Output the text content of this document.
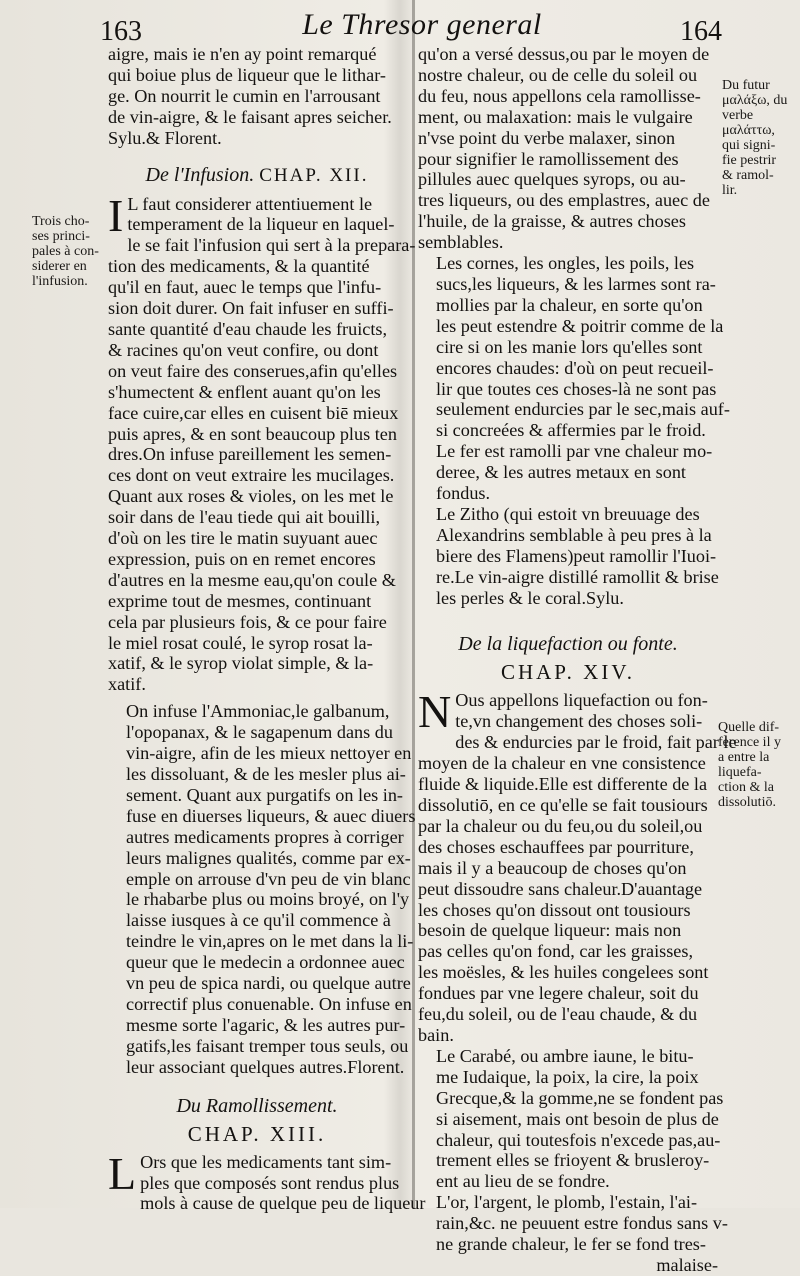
163	Le Thresor general	164

aigre, mais ie n'en ay point remarqué
qui boiue plus de liqueur que le lithar-
ge. On nourrit le cumin en l'arrousant
de vin-aigre, & le faisant apres seicher.
Sylu.& Florent.

De l'Infusion. CHAP. XII.

I L faut considerer attentiuement le
temperament de la liqueur en laquel-
le se fait l'infusion qui sert à la prepara-
tion des medicaments, & la quantité
qu'il en faut, auec le temps que l'infu-
sion doit durer. On fait infuser en suffi-
sante quantité d'eau chaude les fruicts,
& racines qu'on veut confire, ou dont
on veut faire des conserues,afin qu'elles
s'humectent & enflent auant qu'on les
face cuire,car elles en cuisent biē mieux
puis apres, & en sont beaucoup plus ten
dres.On infuse pareillement les semen-
ces dont on veut extraire les mucilages.
Quant aux roses & violes, on les met le
soir dans de l'eau tiede qui ait bouilli,
d'où on les tire le matin suyuant auec
expression, puis on en remet encores
d'autres en la mesme eau,qu'on coule &
exprime tout de mesmes, continuant
cela par plusieurs fois, & ce pour faire
le miel rosat coulé, le syrop rosat la-
xatif, & le syrop violat simple, & la-
xatif.

On infuse l'Ammoniac,le galbanum,
l'opopanax, & le sagapenum dans du
vin-aigre, afin de les mieux nettoyer en
les dissoluant, & de les mesler plus ai-
sement. Quant aux purgatifs on les in-
fuse en diuerses liqueurs, & auec diuers
autres medicaments propres à corriger
leurs malignes qualités, comme par ex-
emple on arrouse d'vn peu de vin blanc
le rhabarbe plus ou moins broyé, on l'y
laisse iusques à ce qu'il commence à
teindre le vin,apres on le met dans la li-
queur que le medecin a ordonnee auec
vn peu de spica nardi, ou quelque autre
correctif plus conuenable. On infuse en
mesme sorte l'agaric, & les autres pur-
gatifs,les faisant tremper tous seuls, ou
leur associant quelques autres.Florent.

Du Ramollissement.
CHAP. XIII.

L Ors que les medicaments tant sim-
ples que composés sont rendus plus
mols à cause de quelque peu de liqueur

Trois cho-ses princi-pales à con-siderer en l'infusion.

qu'on a versé dessus,ou par le moyen de
nostre chaleur, ou de celle du soleil ou
du feu, nous appellons cela ramollisse-
ment, ou malaxation: mais le vulgaire
n'vse point du verbe malaxer, sinon
pour signifier le ramollissement des
pillules auec quelques syrops, ou au-
tres liqueurs, ou des emplastres, auec de
l'huile, de la graisse, & autres choses
semblables.

Les cornes, les ongles, les poils, les
sucs,les liqueurs, & les larmes sont ra-
mollies par la chaleur, en sorte qu'on
les peut estendre & poitrir comme de la
cire si on les manie lors qu'elles sont
encores chaudes: d'où on peut recueil-
lir que toutes ces choses-là ne sont pas
seulement endurcies par le sec,mais auf-
si concreées & affermies par le froid.
Le fer est ramolli par vne chaleur mo-
deree, & les autres metaux en sont
fondus.

Le Zitho (qui estoit vn breuuage des
Alexandrins semblable à peu pres à la
biere des Flamens)peut ramollir l'Iuoi-
re.Le vin-aigre distillé ramollit & brise
les perles & le coral.Sylu.

De la liquefaction ou fonte.
CHAP. XIV.

N Ous appellons liquefaction ou fon-
te,vn changement des choses soli-
des & endurcies par le froid, fait par le
moyen de la chaleur en vne consistence
fluide & liquide.Elle est differente de la
dissolutiō, en ce qu'elle se fait tousiours
par la chaleur ou du feu,ou du soleil,ou
des choses eschauffees par pourriture,
mais il y a beaucoup de choses qu'on
peut dissoudre sans chaleur.D'auantage
les choses qu'on dissout ont tousiours
besoin de quelque liqueur: mais non
pas celles qu'on fond, car les graisses,
les moësles, & les huiles congelees sont
fondues par vne legere chaleur, soit du
feu,du soleil, ou de l'eau chaude, & du
bain.

Le Carabé, ou ambre iaune, le bitu-
me Iudaique, la poix, la cire, la poix
Grecque,& la gomme,ne se fondent pas
si aisement, mais ont besoin de plus de
chaleur, qui toutesfois n'excede pas,au-
trement elles se frioyent & brusleroy-
ent au lieu de se fondre.

L'or, l'argent, le plomb, l'estain, l'ai-
rain,&c. ne peuuent estre fondus sans v-
ne grande chaleur, le fer se fond tres-
malaise-

Du futur μαλάξω, du verbe μαλάττω, qui signi-fie pestrir & ramol-lir.
Quelle dif-ference il y a entre la liquefa-ction & la dissolutiō.
